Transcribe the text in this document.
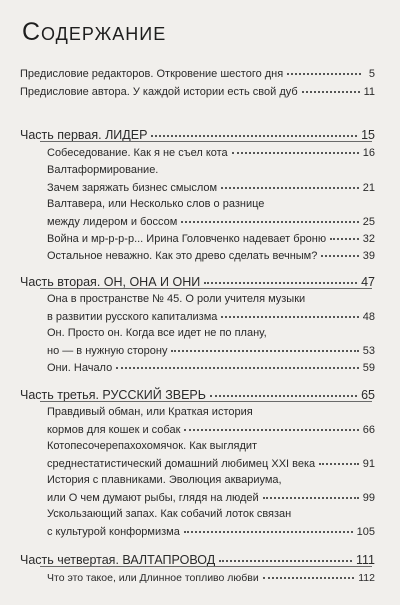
Содержание
Предисловие редакторов. Откровение шестого дня	5
Предисловие автора. У каждой истории есть свой дуб	11
Часть первая. ЛИДЕР	15
Собеседование. Как я не съел кота	16
Валтаформирование.
Зачем заряжать бизнес смыслом	21
Валтавера, или Несколько слов о разнице
между лидером и боссом	25
Война и мр-р-р-р... Ирина Головченко надевает броню	32
Остальное неважно. Как это древо сделать вечным?	39
Часть вторая. ОН, ОНА И ОНИ	47
Она в пространстве № 45. О роли учителя музыки
в развитии русского капитализма	48
Он. Просто он. Когда все идет не по плану,
но — в нужную сторону	53
Они. Начало	59
Часть третья. РУССКИЙ ЗВЕРЬ	65
Правдивый обман, или Краткая история
кормов для кошек и собак	66
Котопесочерепахохомячок. Как выглядит
среднестатистический домашний любимец XXI века	91
История с плавниками. Эволюция аквариума,
или О чем думают рыбы, глядя на людей	99
Ускользающий запах. Как собачий лоток связан
с культурой конформизма	105
Часть четвертая. ВАЛТАПРОВОД	111
Что это такое, или Длинное топливо любви	112
